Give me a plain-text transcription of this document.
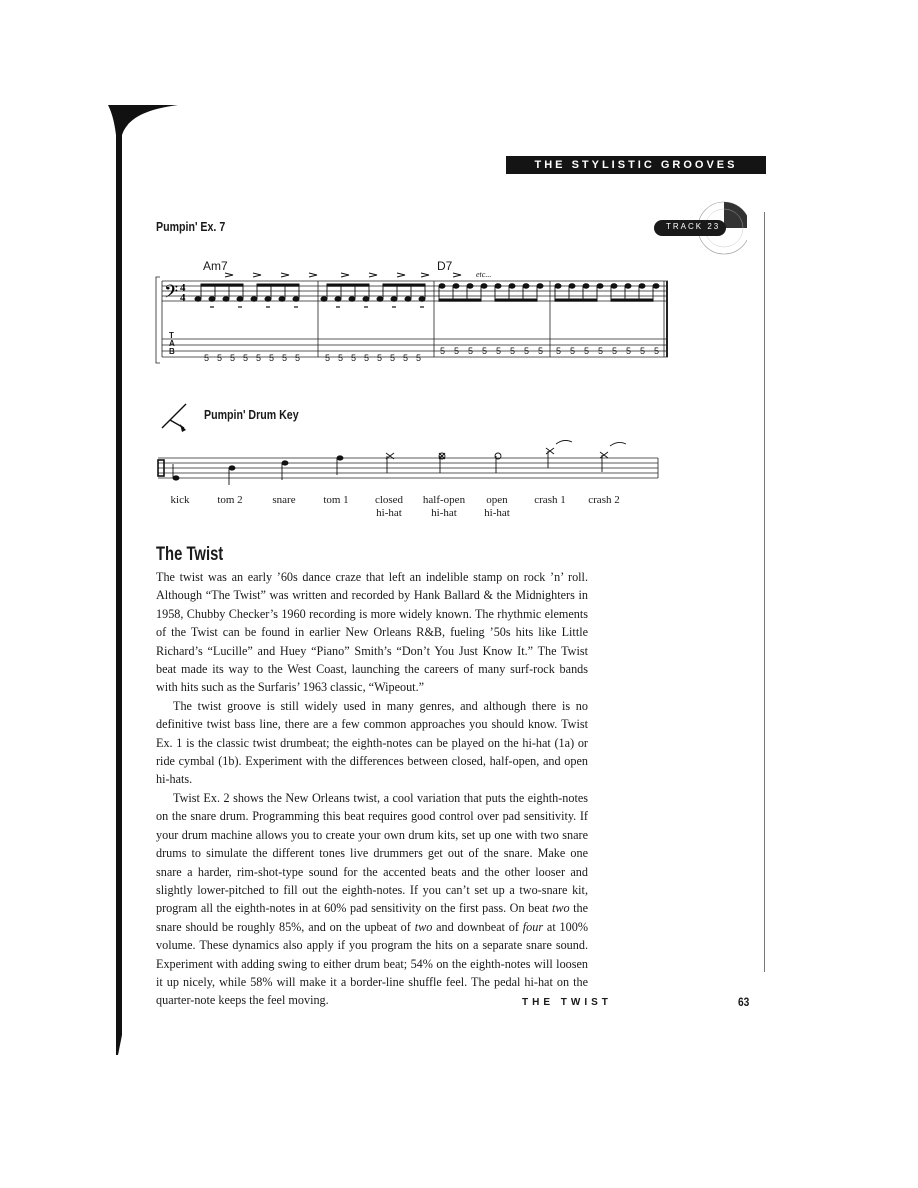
THE STYLISTIC GROOVES
Pumpin' Ex. 7	TRACK 23
Am7	D7
etc...
𝄢 4
4
T
A
B
5 5 5 5 5 5 5 5	5 5 5 5 5 5 5 5
5 5 5 5 5 5 5 5 5 5 5 5 5 5 5 5
Pumpin' Drum Key
kick	tom 2	snare	tom 1	closed
hi-hat
half-open
hi-hat
open
hi-hat
crash 1	crash 2
The Twist

The twist was an early ’60s dance craze that left an indelible stamp on rock ’n’ roll. Although “The Twist” was written and recorded by Hank Ballard & the Midnighters in 1958, Chubby Checker’s 1960 recording is more widely known. The rhythmic elements of the Twist can be found in earlier New Orleans R&B, fueling ’50s hits like Little Richard’s “Lucille” and Huey “Piano” Smith’s “Don’t You Just Know It.” The Twist beat made its way to the West Coast, launching the careers of many surf-rock bands with hits such as the Surfaris’ 1963 classic, “Wipeout.”

The twist groove is still widely used in many genres, and although there is no definitive twist bass line, there are a few common approaches you should know. Twist Ex. 1 is the classic twist drumbeat; the eighth-notes can be played on the hi-hat (1a) or ride cymbal (1b). Experiment with the differences between closed, half-open, and open hi-hats.

Twist Ex. 2 shows the New Orleans twist, a cool variation that puts the eighth-notes on the snare drum. Programming this beat requires good control over pad sensitivity. If your drum machine allows you to create your own drum kits, set up one with two snare drums to simulate the different tones live drummers get out of the snare. Make one snare a harder, rim-shot-type sound for the accented beats and the other looser and slightly lower-pitched to fill out the eighth-notes. If you can’t set up a two-snare kit, program all the eighth-notes in at 60% pad sensitivity on the first pass. On beat two the snare should be roughly 85%, and on the upbeat of two and downbeat of four at 100% volume. These dynamics also apply if you program the hits on a separate snare sound. Experiment with adding swing to either drum beat; 54% on the eighth-notes will loosen it up nicely, while 58% will make it a border-line shuffle feel. The pedal hi-hat on the quarter-note keeps the feel moving.	THE TWIST	63
